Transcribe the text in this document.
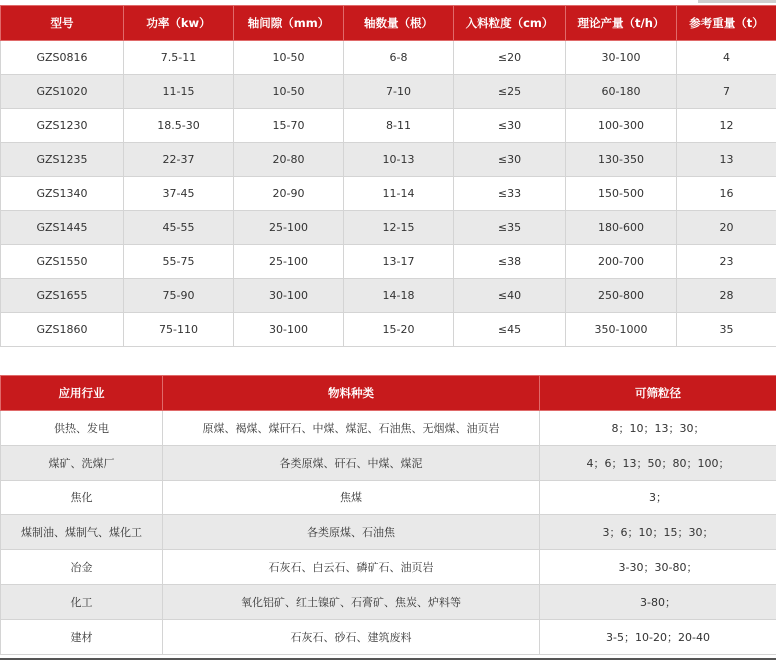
型号	功率（kw）	轴间隙（mm）	轴数量（根）	入料粒度（cm）	理论产量（t/h）	参考重量（t）
GZS0816	7.5-11	10-50	6-8	≤20	30-100	4
GZS1020	11-15	10-50	7-10	≤25	60-180	7
GZS1230	18.5-30	15-70	8-11	≤30	100-300	12
GZS1235	22-37	20-80	10-13	≤30	130-350	13
GZS1340	37-45	20-90	11-14	≤33	150-500	16
GZS1445	45-55	25-100	12-15	≤35	180-600	20
GZS1550	55-75	25-100	13-17	≤38	200-700	23
GZS1655	75-90	30-100	14-18	≤40	250-800	28
GZS1860	75-110	30-100	15-20	≤45	350-1000	35
应用行业	物料种类	可筛粒径
供热、发电	原煤、褐煤、煤矸石、中煤、煤泥、石油焦、无烟煤、油页岩	8；10；13；30；
煤矿、洗煤厂	各类原煤、矸石、中煤、煤泥	4；6；13；50；80；100；
焦化	焦煤	3；
煤制油、煤制气、煤化工	各类原煤、石油焦	3；6；10；15；30；
冶金	石灰石、白云石、磷矿石、油页岩	3-30；30-80；
化工	氧化铝矿、红土镍矿、石膏矿、焦炭、炉料等	3-80；
建材	石灰石、砂石、建筑废料	3-5；10-20；20-40
